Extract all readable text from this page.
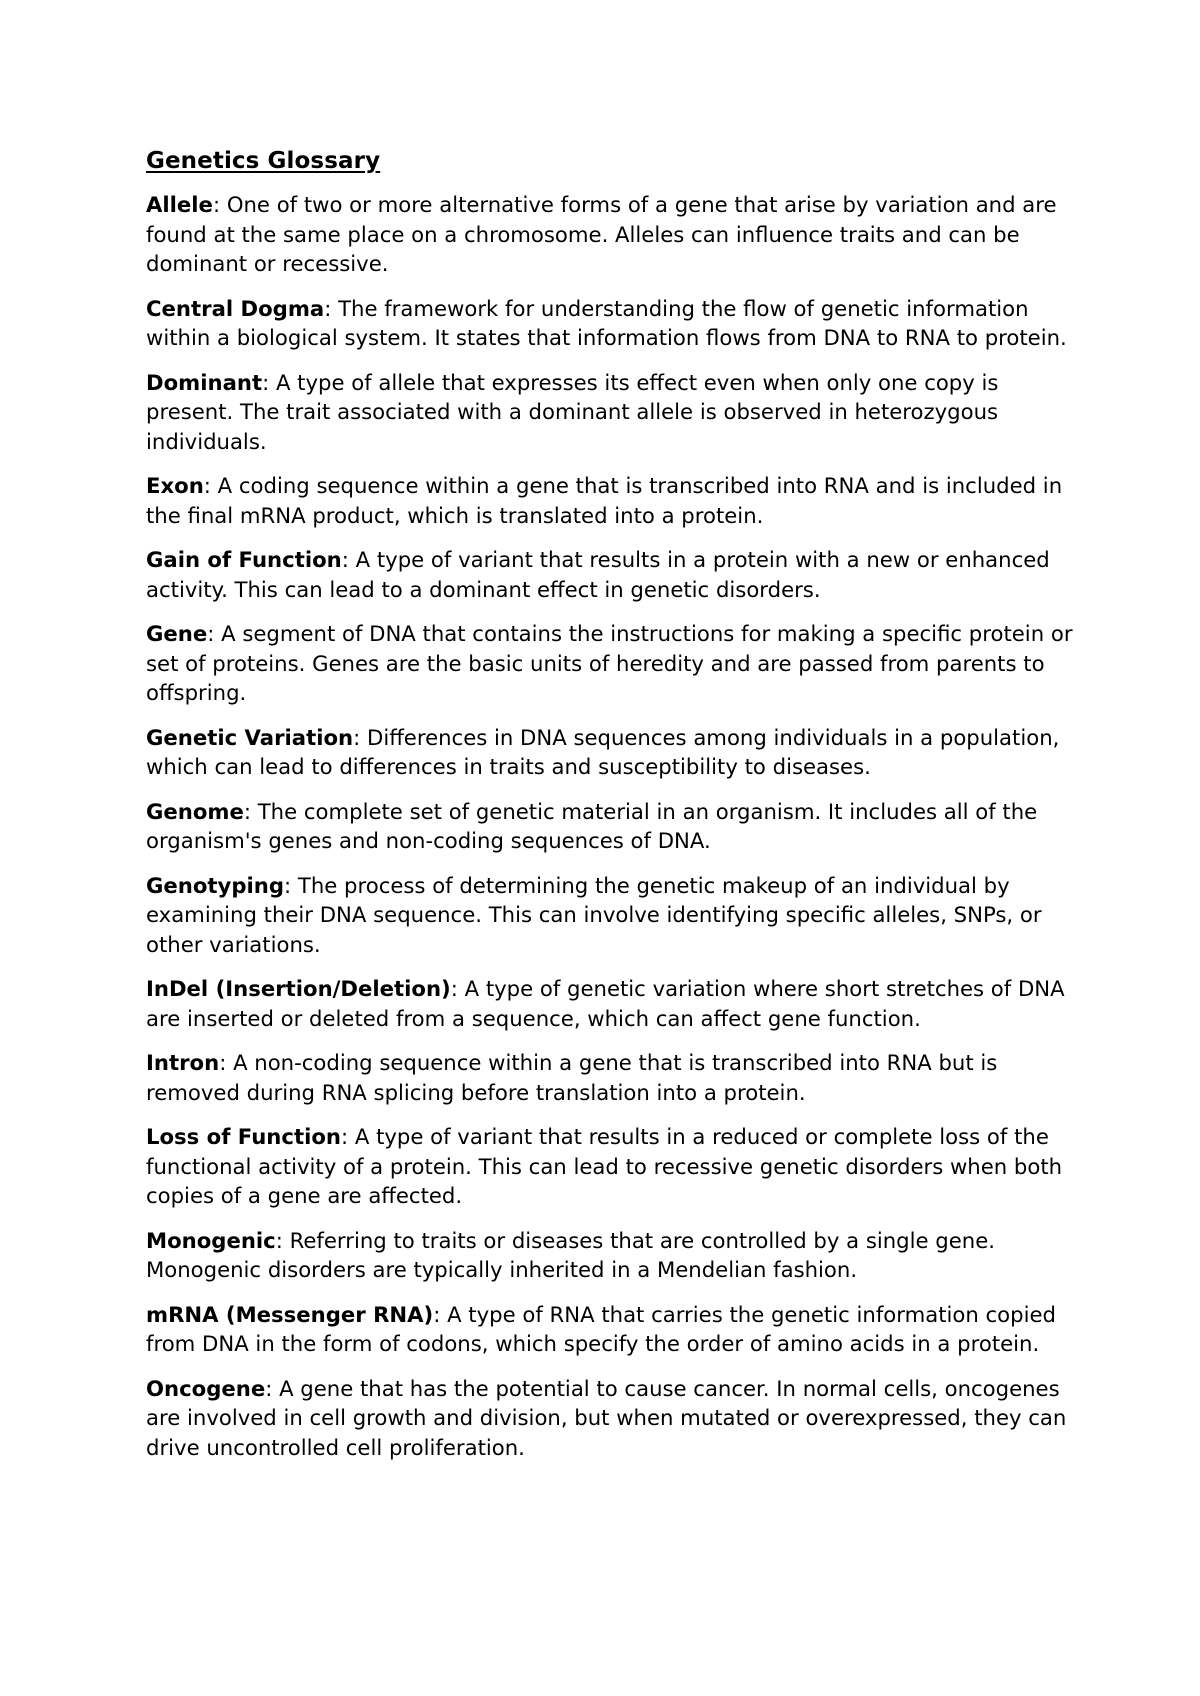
Genetics Glossary
Allele: One of two or more alternative forms of a gene that arise by variation and are found at the same place on a chromosome. Alleles can influence traits and can be dominant or recessive.
Central Dogma: The framework for understanding the flow of genetic information within a biological system. It states that information flows from DNA to RNA to protein.
Dominant: A type of allele that expresses its effect even when only one copy is present. The trait associated with a dominant allele is observed in heterozygous individuals.
Exon: A coding sequence within a gene that is transcribed into RNA and is included in the final mRNA product, which is translated into a protein.
Gain of Function: A type of variant that results in a protein with a new or enhanced activity. This can lead to a dominant effect in genetic disorders.
Gene: A segment of DNA that contains the instructions for making a specific protein or set of proteins. Genes are the basic units of heredity and are passed from parents to offspring.
Genetic Variation: Differences in DNA sequences among individuals in a population, which can lead to differences in traits and susceptibility to diseases.
Genome: The complete set of genetic material in an organism. It includes all of the organism's genes and non-coding sequences of DNA.
Genotyping: The process of determining the genetic makeup of an individual by examining their DNA sequence. This can involve identifying specific alleles, SNPs, or other variations.
InDel (Insertion/Deletion): A type of genetic variation where short stretches of DNA are inserted or deleted from a sequence, which can affect gene function.
Intron: A non-coding sequence within a gene that is transcribed into RNA but is removed during RNA splicing before translation into a protein.
Loss of Function: A type of variant that results in a reduced or complete loss of the functional activity of a protein. This can lead to recessive genetic disorders when both copies of a gene are affected.
Monogenic: Referring to traits or diseases that are controlled by a single gene. Monogenic disorders are typically inherited in a Mendelian fashion.
mRNA (Messenger RNA): A type of RNA that carries the genetic information copied from DNA in the form of codons, which specify the order of amino acids in a protein.
Oncogene: A gene that has the potential to cause cancer. In normal cells, oncogenes are involved in cell growth and division, but when mutated or overexpressed, they can drive uncontrolled cell proliferation.
